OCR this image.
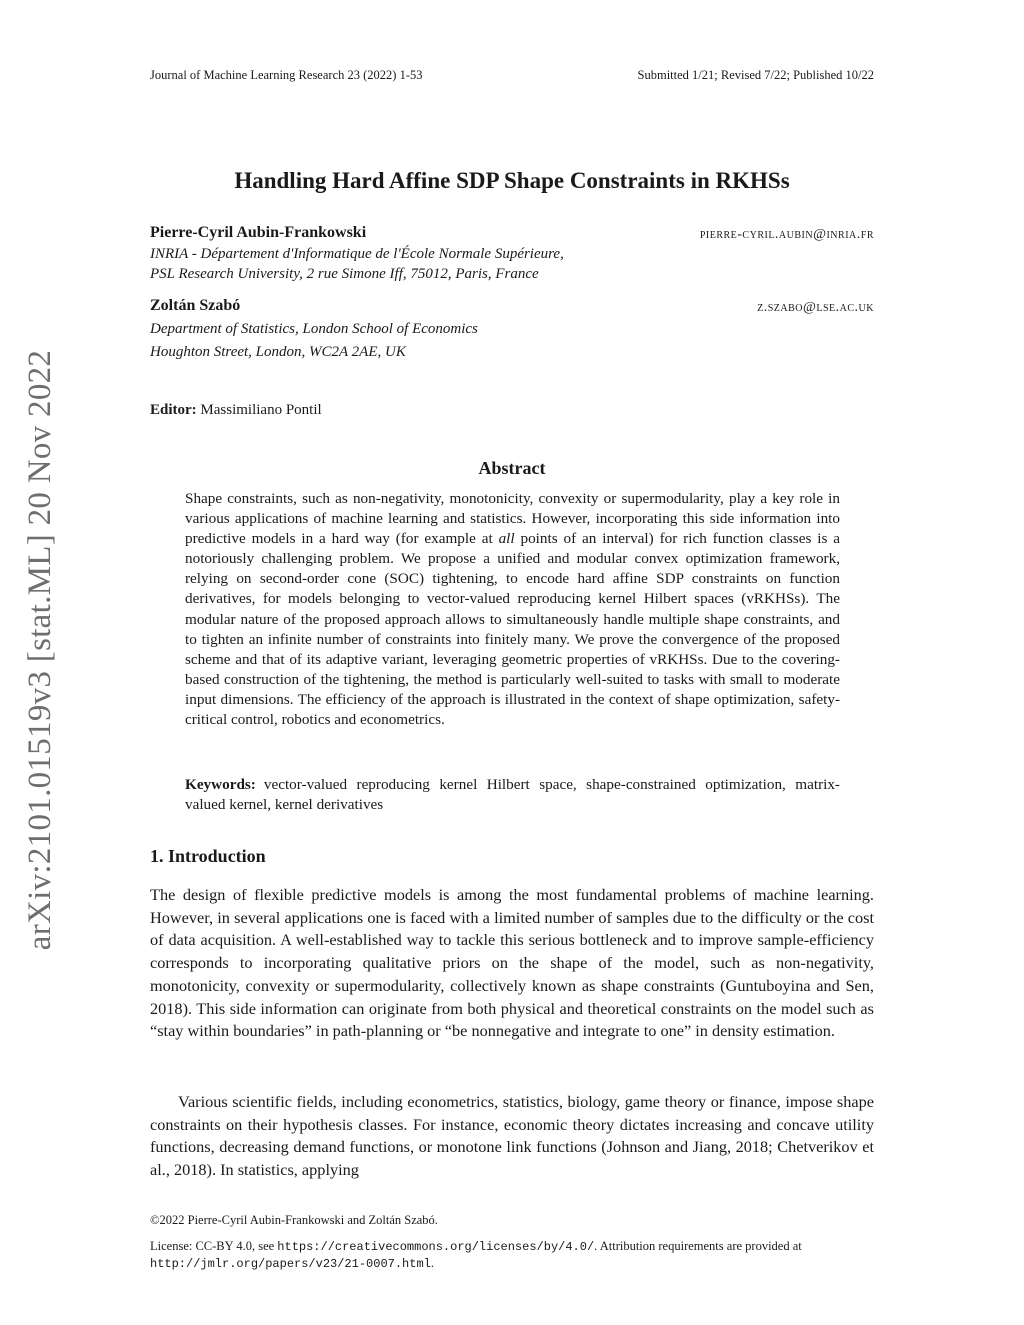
arXiv:2101.01519v3 [stat.ML] 20 Nov 2022
Journal of Machine Learning Research 23 (2022) 1-53	Submitted 1/21; Revised 7/22; Published 10/22
Handling Hard Affine SDP Shape Constraints in RKHSs
Pierre-Cyril Aubin-Frankowski	pierre-cyril.aubin@inria.fr
INRIA - Département d'Informatique de l'École Normale Supérieure,
PSL Research University, 2 rue Simone Iff, 75012, Paris, France
Zoltán Szabó	z.szabo@lse.ac.uk
Department of Statistics, London School of Economics
Houghton Street, London, WC2A 2AE, UK
Editor: Massimiliano Pontil
Abstract
Shape constraints, such as non-negativity, monotonicity, convexity or supermodularity, play a key role in various applications of machine learning and statistics. However, incorporating this side information into predictive models in a hard way (for example at all points of an interval) for rich function classes is a notoriously challenging problem. We propose a unified and modular convex optimization framework, relying on second-order cone (SOC) tightening, to encode hard affine SDP constraints on function derivatives, for models belonging to vector-valued reproducing kernel Hilbert spaces (vRKHSs). The modular nature of the proposed approach allows to simultaneously handle multiple shape constraints, and to tighten an infinite number of constraints into finitely many. We prove the convergence of the proposed scheme and that of its adaptive variant, leveraging geometric properties of vRKHSs. Due to the covering-based construction of the tightening, the method is particularly well-suited to tasks with small to moderate input dimensions. The efficiency of the approach is illustrated in the context of shape optimization, safety-critical control, robotics and econometrics.
Keywords: vector-valued reproducing kernel Hilbert space, shape-constrained optimization, matrix-valued kernel, kernel derivatives
1. Introduction
The design of flexible predictive models is among the most fundamental problems of machine learning. However, in several applications one is faced with a limited number of samples due to the difficulty or the cost of data acquisition. A well-established way to tackle this serious bottleneck and to improve sample-efficiency corresponds to incorporating qualitative priors on the shape of the model, such as non-negativity, monotonicity, convexity or supermodularity, collectively known as shape constraints (Guntuboyina and Sen, 2018). This side information can originate from both physical and theoretical constraints on the model such as “stay within boundaries” in path-planning or “be nonnegative and integrate to one” in density estimation.
Various scientific fields, including econometrics, statistics, biology, game theory or finance, impose shape constraints on their hypothesis classes. For instance, economic theory dictates increasing and concave utility functions, decreasing demand functions, or monotone link functions (Johnson and Jiang, 2018; Chetverikov et al., 2018). In statistics, applying
©2022 Pierre-Cyril Aubin-Frankowski and Zoltán Szabó.
License: CC-BY 4.0, see https://creativecommons.org/licenses/by/4.0/. Attribution requirements are provided at http://jmlr.org/papers/v23/21-0007.html.
